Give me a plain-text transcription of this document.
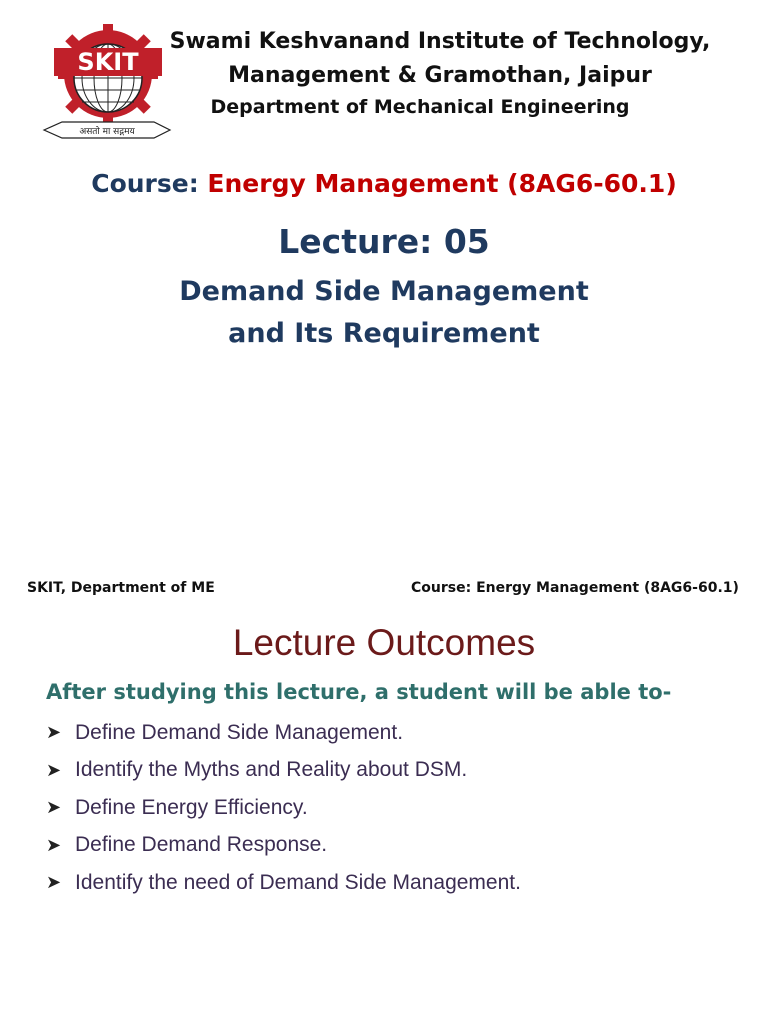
SKIT
असतो मा सद्गमय
Swami Keshvanand Institute of Technology,
Management & Gramothan, Jaipur
Department of Mechanical Engineering
Course: Energy Management (8AG6-60.1)
Lecture: 05
Demand Side Management
and Its Requirement
SKIT, Department of ME	Course: Energy Management (8AG6-60.1)
Lecture Outcomes
After studying this lecture, a student will be able to-
➤ Define Demand Side Management.
➤ Identify the Myths and Reality about DSM.
➤ Define Energy Efficiency.
➤ Define Demand Response.
➤ Identify the need of Demand Side Management.
